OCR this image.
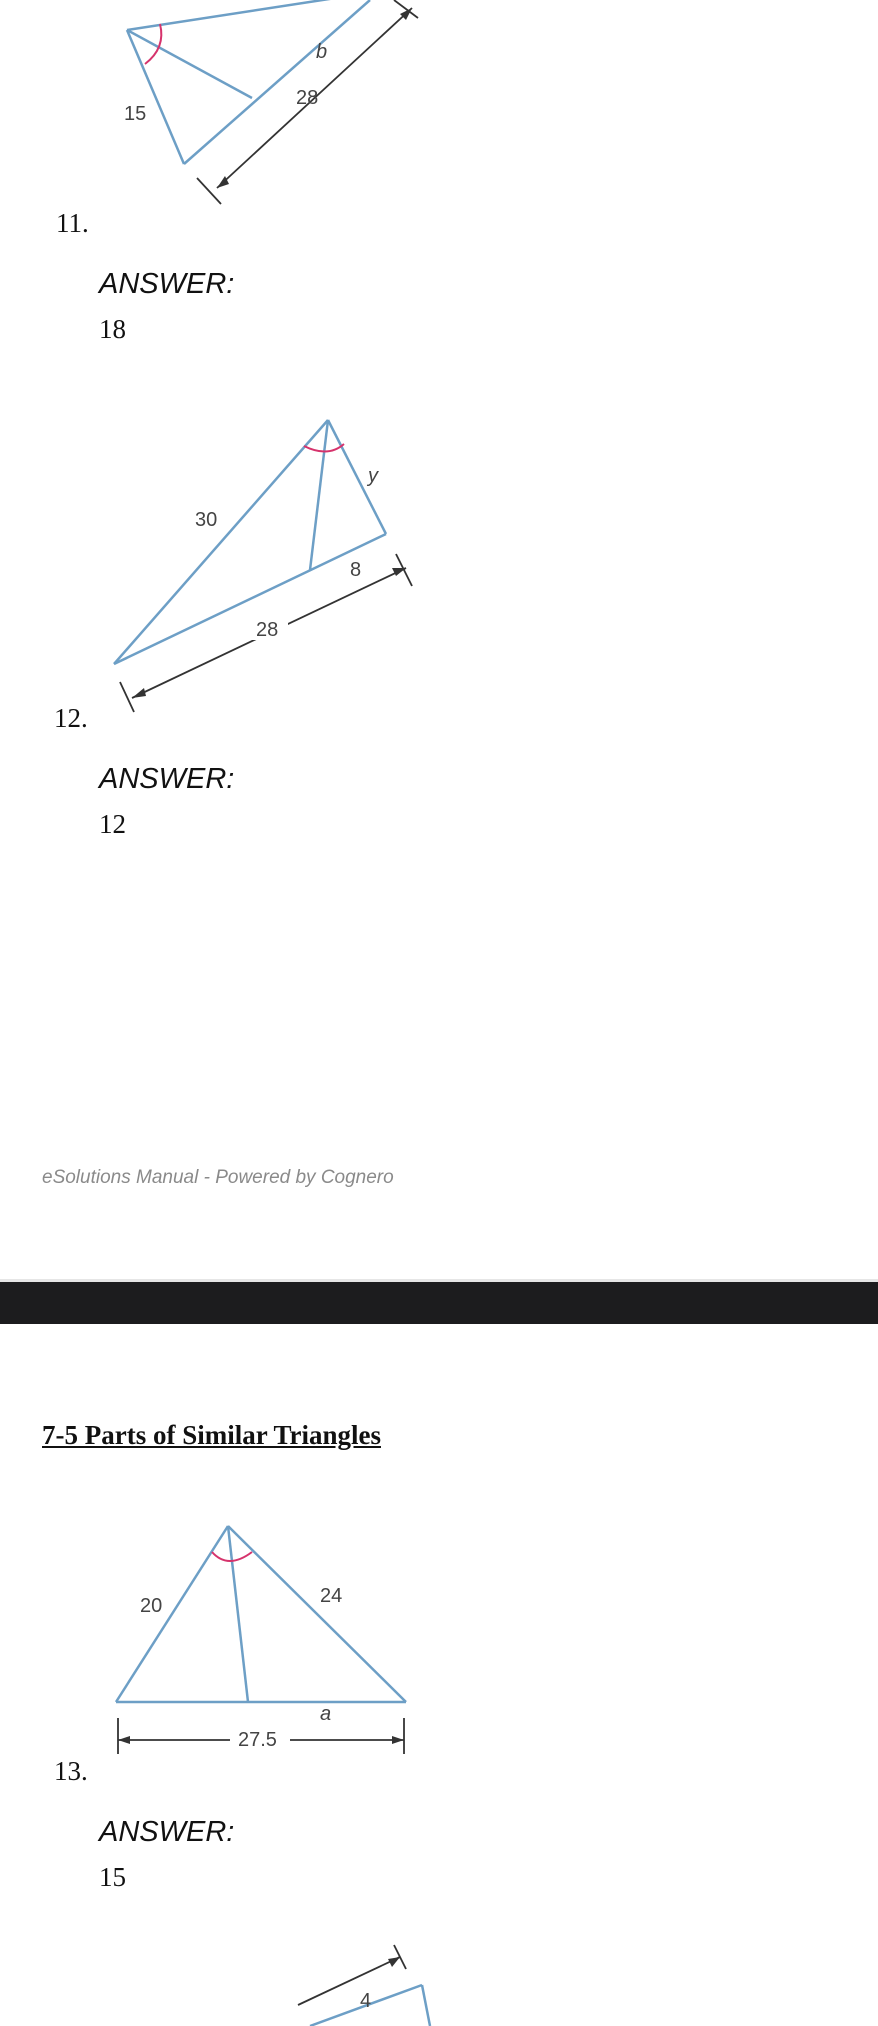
15
28
b
11.
ANSWER:
18
30
y
8
28
12.
ANSWER:
12
eSolutions Manual - Powered by Cognero
7-5 Parts of Similar Triangles
20	24
a
27.5
13.
ANSWER:
15
4
